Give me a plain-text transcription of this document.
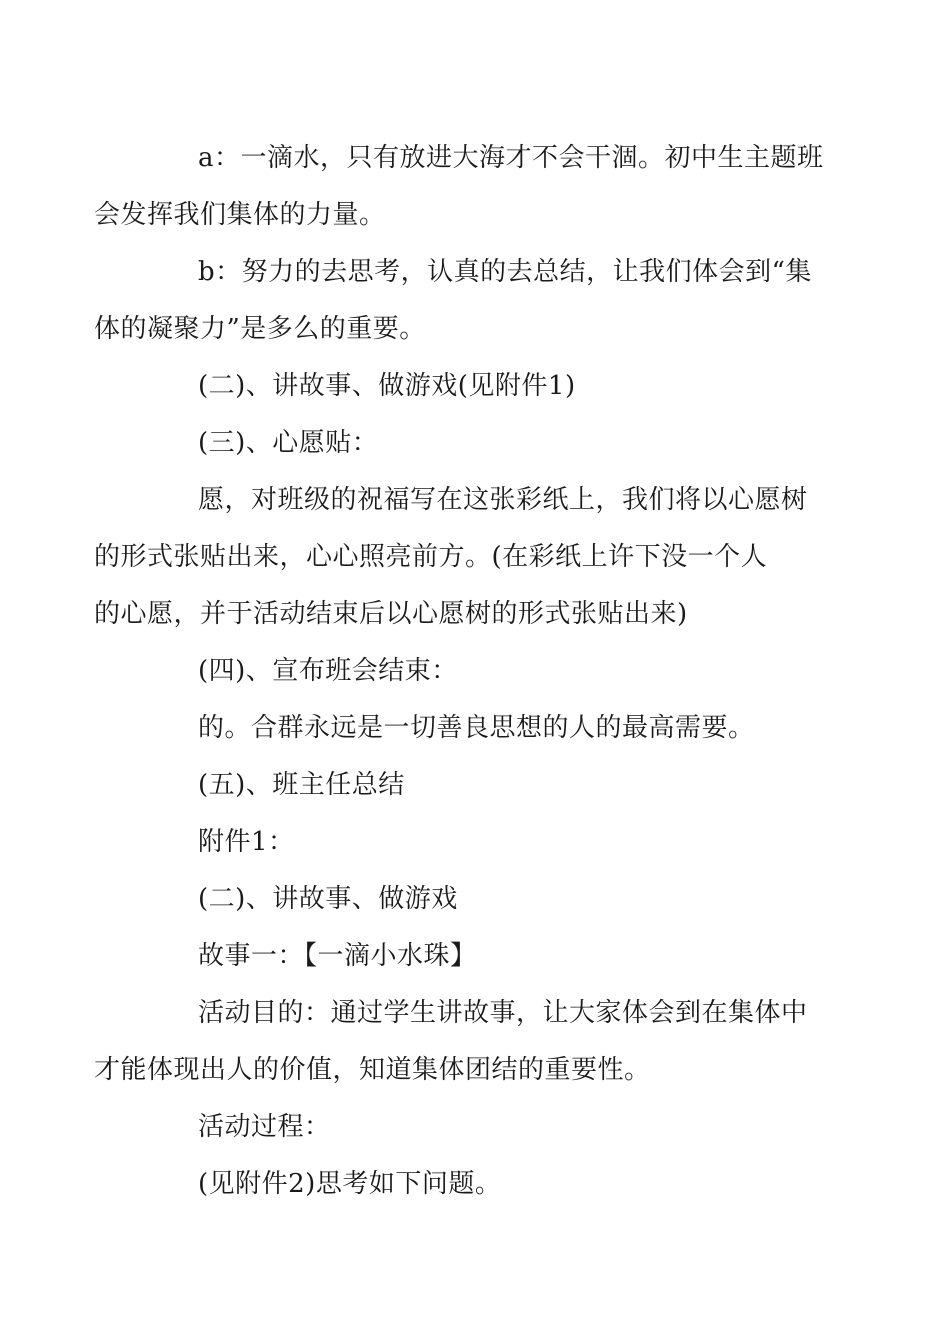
a：一滴水，只有放进大海才不会干涸。初中生主题班
会发挥我们集体的力量。

b：努力的去思考，认真的去总结，让我们体会到“集
体的凝聚力”是多么的重要。

(二)、讲故事、做游戏(见附件1)

(三)、心愿贴：

愿，对班级的祝福写在这张彩纸上，我们将以心愿树
的形式张贴出来，心心照亮前方。(在彩纸上许下没一个人
的心愿，并于活动结束后以心愿树的形式张贴出来)

(四)、宣布班会结束：

的。合群永远是一切善良思想的人的最高需要。

(五)、班主任总结

附件1：

(二)、讲故事、做游戏

故事一：【一滴小水珠】

活动目的：通过学生讲故事，让大家体会到在集体中
才能体现出人的价值，知道集体团结的重要性。

活动过程：

(见附件2)思考如下问题。
